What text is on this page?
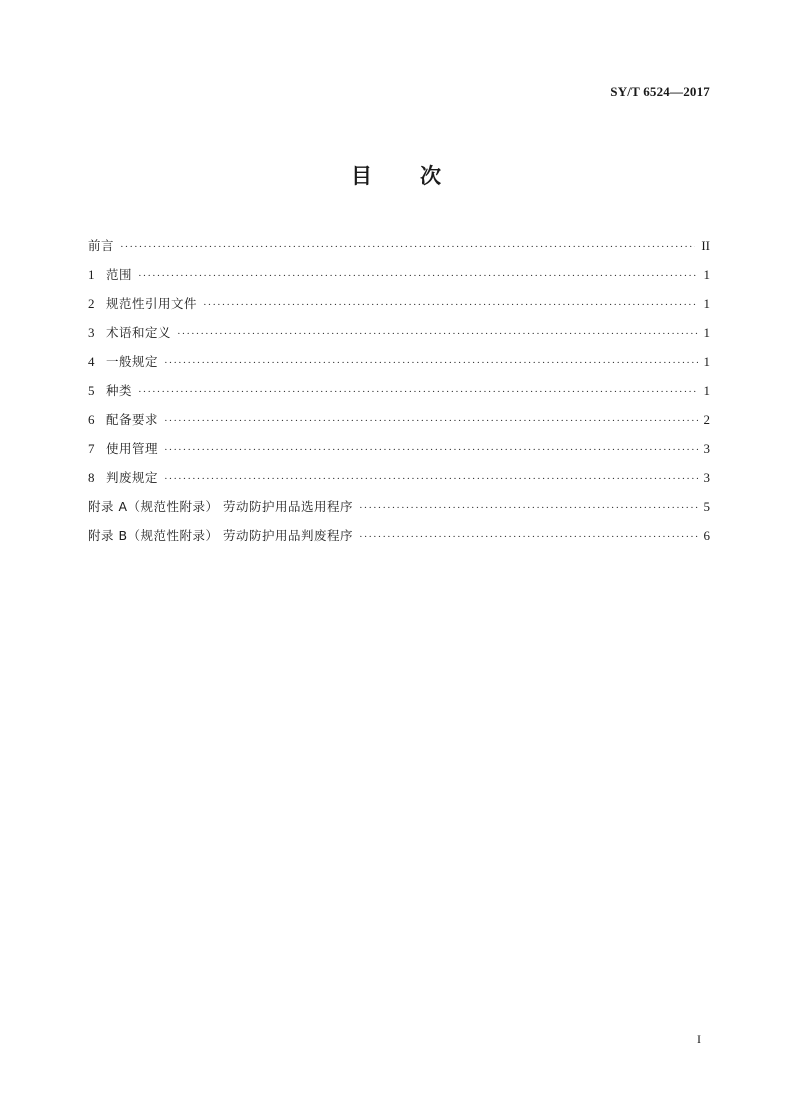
SY/T 6524—2017
目 次
前言 ·····	II
1 范围 ·····	1
2 规范性引用文件 ·····	1
3 术语和定义 ·····	1
4 一般规定 ·····	1
5 种类 ·····	1
6 配备要求 ·····	2
7 使用管理 ·····	3
8 判废规定 ·····	3
附录 A（规范性附录） 劳动防护用品选用程序 ·····	5
附录 B（规范性附录） 劳动防护用品判废程序 ·····	6
I
